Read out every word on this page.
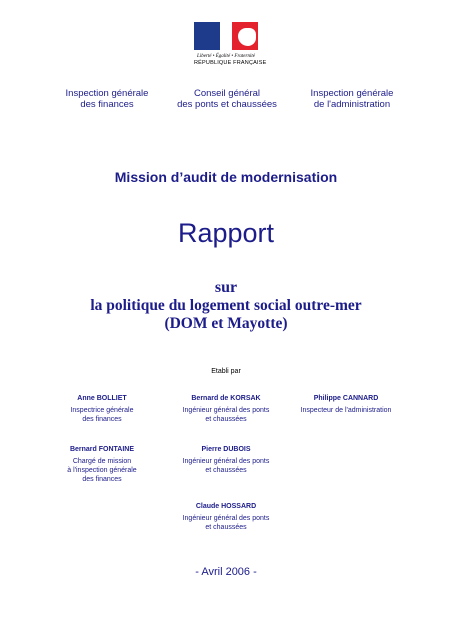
Liberté • Égalité • Fraternité
RÉPUBLIQUE FRANÇAISE
Inspection générale
des finances
Conseil général
des ponts et chaussées
Inspection générale
de l'administration
Mission d’audit de modernisation
Rapport
sur
la politique du logement social outre-mer
(DOM et Mayotte)
Etabli par
Anne BOLLIET
Inspectrice générale
des finances
Bernard de KORSAK
Ingénieur général des ponts
et chaussées
Philippe CANNARD
Inspecteur de l'administration
Bernard FONTAINE
Chargé de mission
à l'inspection générale
des finances
Pierre DUBOIS
Ingénieur général des ponts
et chaussées
Claude HOSSARD
Ingénieur général des ponts
et chaussées
- Avril 2006 -
